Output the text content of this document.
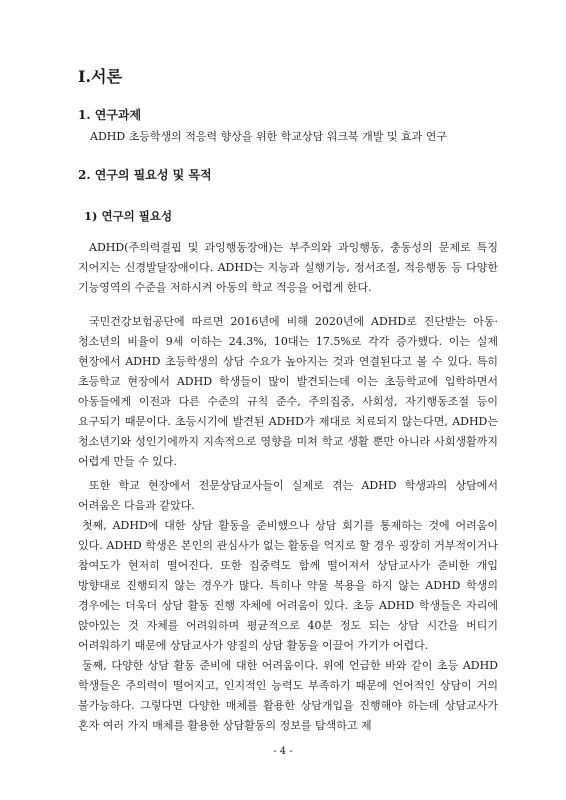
Ⅰ.서론
1. 연구과제
ADHD 초등학생의 적응력 향상을 위한 학교상담 워크북 개발 및 효과 연구
2. 연구의 필요성 및 목적
1) 연구의 필요성
ADHD(주의력결핍 및 과잉행동장애)는 부주의와 과잉행동, 충동성의 문제로 특징 지어지는 신경발달장애이다. ADHD는 지능과 실행기능, 정서조절, 적응행동 등 다양한 기능영역의 수준을 저하시켜 아동의 학교 적응을 어렵게 한다.
국민건강보험공단에 따르면 2016년에 비해 2020년에 ADHD로 진단받는 아동·청소년의 비율이 9세 이하는 24.3%, 10대는 17.5%로 각각 증가했다. 이는 실제 현장에서 ADHD 초등학생의 상담 수요가 높아지는 것과 연결된다고 볼 수 있다. 특히 초등학교 현장에서 ADHD 학생들이 많이 발견되는데 이는 초등학교에 입학하면서 아동들에게 이전과 다른 수준의 규칙 준수, 주의집중, 사회성, 자기행동조절 등이 요구되기 때문이다. 초등시기에 발견된 ADHD가 제대로 치료되지 않는다면, ADHD는 청소년기와 성인기에까지 지속적으로 영향을 미쳐 학교 생활 뿐만 아니라 사회생활까지 어렵게 만들 수 있다.
또한 학교 현장에서 전문상담교사들이 실제로 겪는 ADHD 학생과의 상담에서 어려움은 다음과 같았다.
첫째, ADHD에 대한 상담 활동을 준비했으나 상담 회기를 통제하는 것에 어려움이 있다. ADHD 학생은 본인의 관심사가 없는 활동을 억지로 할 경우 굉장히 거부적이거나 참여도가 현저히 떨어진다. 또한 집중력도 함께 떨어져서 상담교사가 준비한 개입 방향대로 진행되지 않는 경우가 많다. 특히나 약물 복용을 하지 않는 ADHD 학생의 경우에는 더욱더 상담 활동 진행 자체에 어려움이 있다. 초등 ADHD 학생들은 자리에 앉아있는 것 자체를 어려워하며 평균적으로 40분 정도 되는 상담 시간을 버티기 어려워하기 때문에 상담교사가 양질의 상담 활동을 이끌어 가기가 어렵다.
둘째, 다양한 상담 활동 준비에 대한 어려움이다. 위에 언급한 바와 같이 초등 ADHD 학생들은 주의력이 떨어지고, 인지적인 능력도 부족하기 때문에 언어적인 상담이 거의 불가능하다. 그렇다면 다양한 매체를 활용한 상담개입을 진행해야 하는데 상담교사가 혼자 여러 가지 매체를 활용한 상담활동의 정보를 탐색하고 제
- 4 -
